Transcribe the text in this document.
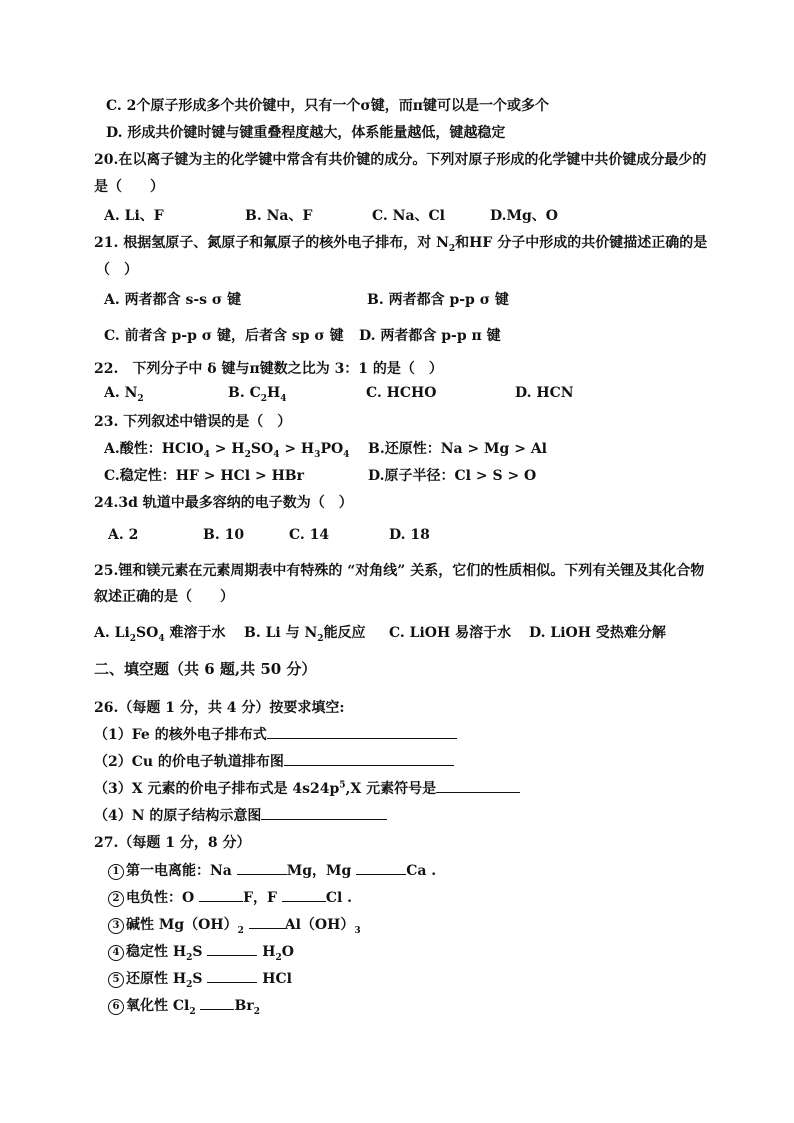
C. 2个原子形成多个共价键中，只有一个σ键，而π键可以是一个或多个
D. 形成共价键时键与键重叠程度越大，体系能量越低，键越稳定
20.在以离子键为主的化学键中常含有共价键的成分。下列对原子形成的化学键中共价键成分最少的
是（　　）
A. Li、F	B. Na、F	C. Na、Cl	D.Mg、O
21. 根据氢原子、氮原子和氟原子的核外电子排布，对 $N_2$和HF 分子中形成的共价键描述正确的是
（　）
A. 两者都含 s-s σ 键	B. 两者都含 p-p σ 键
C. 前者含 p-p σ 键，后者含 sp σ 键 D. 两者都含 p-p π 键
22.　下列分子中 δ 键与π键数之比为 3：1 的是（　）
A. $N_2$	B. $C_2H_4$	C. HCHO	D. HCN
23. 下列叙述中错误的是（　）
A.酸性：HClO$_4$ > $H_2SO_4 > H_3PO_4$ B.还原性：Na > Mg > Al
C.稳定性：HF > HCl > HBr	D.原子半径：Cl > S > O
24.3d 轨道中最多容纳的电子数为（　）
A. 2	B. 10	C. 14	D. 18
25.锂和镁元素在元素周期表中有特殊的 “对角线” 关系，它们的性质相似。下列有关锂及其化合物
叙述正确的是（　　）
A. $Li_2SO_4$ 难溶于水 B. Li 与 $N_2$能反应 C. LiOH 易溶于水 D. LiOH 受热难分解
二、填空题（共 6 题,共 50 分）
26.（每题 1 分，共 4 分）按要求填空:
（1）Fe 的核外电子排布式
（2）Cu 的价电子轨道排布图
（3）X 元素的价电子排布式是 $4s24p^5,X$ 元素符号是
（4）N 的原子结构示意图
27.（每题 1 分，8 分）
1 第一电离能：Na	Mg，Mg	Ca .
2 电负性：O	F，F	Cl .
3 碱性 $Mg(OH)_2$	$Al(OH)_3$
4 稳定性 $H_2S$	$H_2O$
5 还原性 $H_2S$	HCl
6 氧化性 $Cl_2$	$Br_2$
